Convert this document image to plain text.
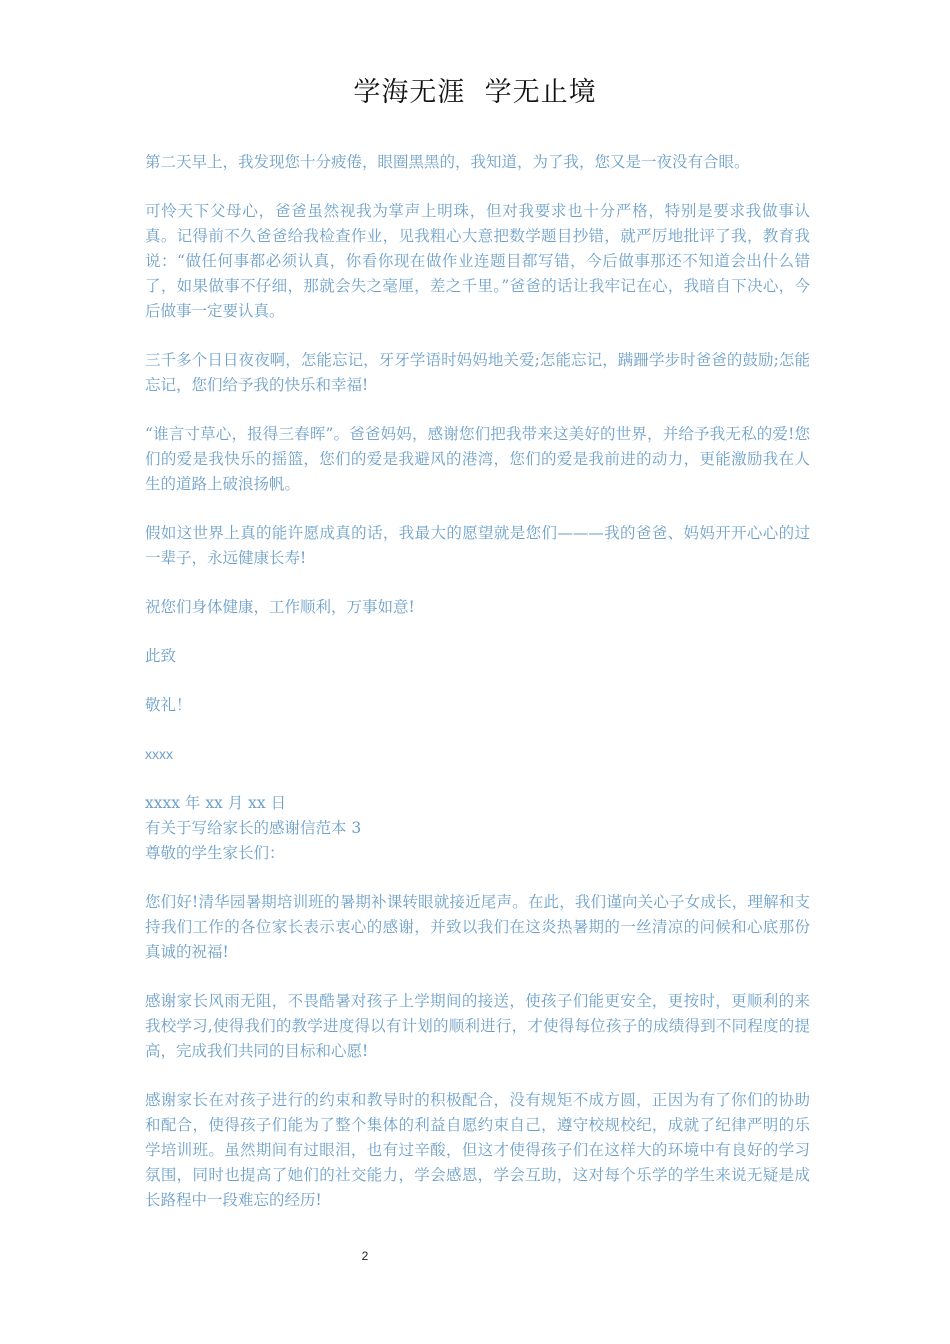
学海无涯  学无止境

第二天早上，我发现您十分疲倦，眼圈黑黑的，我知道，为了我，您又是一夜没有合眼。

可怜天下父母心，爸爸虽然视我为掌声上明珠，但对我要求也十分严格，特别是要求我做事认真。记得前不久爸爸给我检查作业，见我粗心大意把数学题目抄错，就严厉地批评了我，教育我说：“做任何事都必须认真，你看你现在做作业连题目都写错，今后做事那还不知道会出什么错了，如果做事不仔细，那就会失之毫厘，差之千里。”爸爸的话让我牢记在心，我暗自下决心，今后做事一定要认真。

三千多个日日夜夜啊，怎能忘记，牙牙学语时妈妈地关爱;怎能忘记，蹒跚学步时爸爸的鼓励;怎能忘记，您们给予我的快乐和幸福!

“谁言寸草心，报得三春晖”。爸爸妈妈，感谢您们把我带来这美好的世界，并给予我无私的爱!您们的爱是我快乐的摇篮，您们的爱是我避风的港湾，您们的爱是我前进的动力，更能激励我在人生的道路上破浪扬帆。

假如这世界上真的能许愿成真的话，我最大的愿望就是您们———我的爸爸、妈妈开开心心的过一辈子，永远健康长寿!

祝您们身体健康，工作顺利，万事如意!

此致

敬礼！

xxxx

xxxx 年 xx 月 xx 日

有关于写给家长的感谢信范本 3

尊敬的学生家长们：

您们好!清华园暑期培训班的暑期补课转眼就接近尾声。在此，我们谨向关心子女成长，理解和支持我们工作的各位家长表示衷心的感谢，并致以我们在这炎热暑期的一丝清凉的问候和心底那份真诚的祝福!

感谢家长风雨无阻，不畏酷暑对孩子上学期间的接送，使孩子们能更安全，更按时，更顺利的来我校学习,使得我们的教学进度得以有计划的顺利进行，才使得每位孩子的成绩得到不同程度的提高，完成我们共同的目标和心愿!

感谢家长在对孩子进行的约束和教导时的积极配合，没有规矩不成方圆，正因为有了你们的协助和配合，使得孩子们能为了整个集体的利益自愿约束自己，遵守校规校纪，成就了纪律严明的乐学培训班。虽然期间有过眼泪，也有过辛酸，但这才使得孩子们在这样大的环境中有良好的学习氛围，同时也提高了她们的社交能力，学会感恩，学会互助，这对每个乐学的学生来说无疑是成长路程中一段难忘的经历!

2
